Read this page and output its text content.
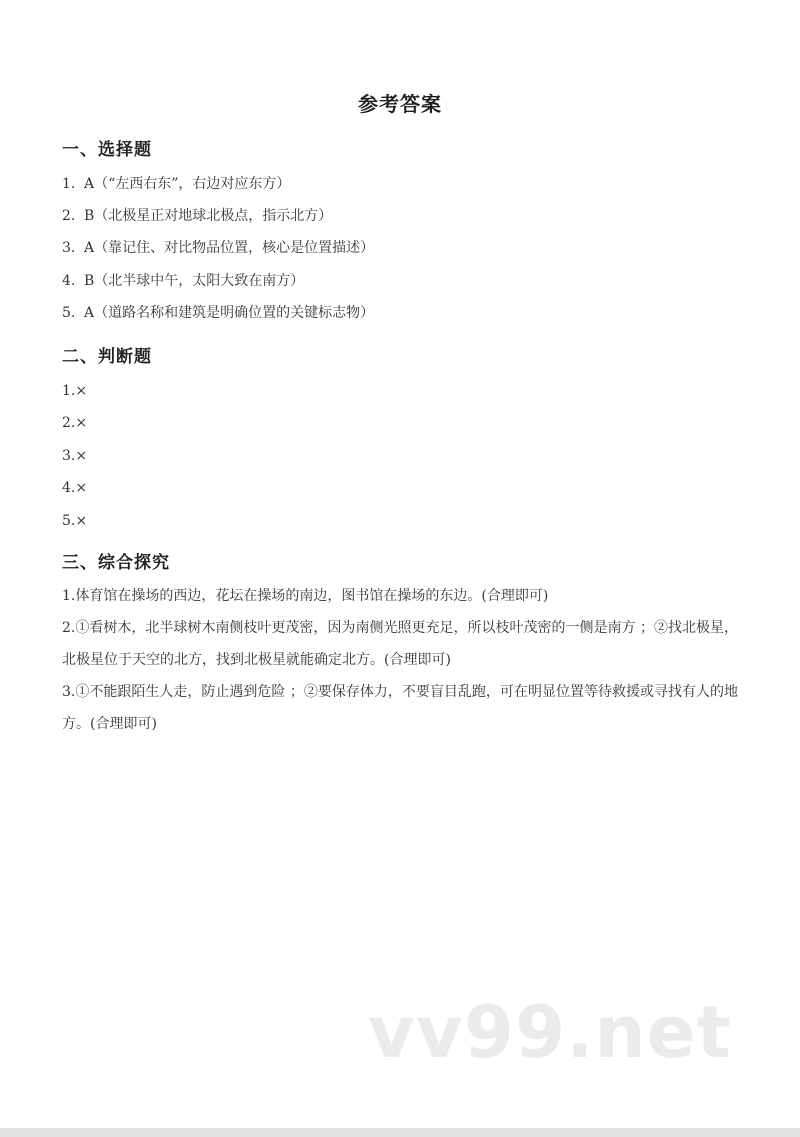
参考答案
一、选择题
1. A（“左西右东”，右边对应东方）
2. B（北极星正对地球北极点，指示北方）
3. A（靠记住、对比物品位置，核心是位置描述）
4. B（北半球中午，太阳大致在南方）
5. A（道路名称和建筑是明确位置的关键标志物）
二、判断题
1.×
2.×
3.×
4.×
5.×
三、综合探究
1.体育馆在操场的西边，花坛在操场的南边，图书馆在操场的东边。(合理即可)
2.①看树木，北半球树木南侧枝叶更茂密，因为南侧光照更充足，所以枝叶茂密的一侧是南方 ；②找北极星，北极星位于天空的北方，找到北极星就能确定北方。(合理即可)
3.①不能跟陌生人走，防止遇到危险 ；②要保存体力，不要盲目乱跑，可在明显位置等待救援或寻找有人的地方。(合理即可)
vv99.net
